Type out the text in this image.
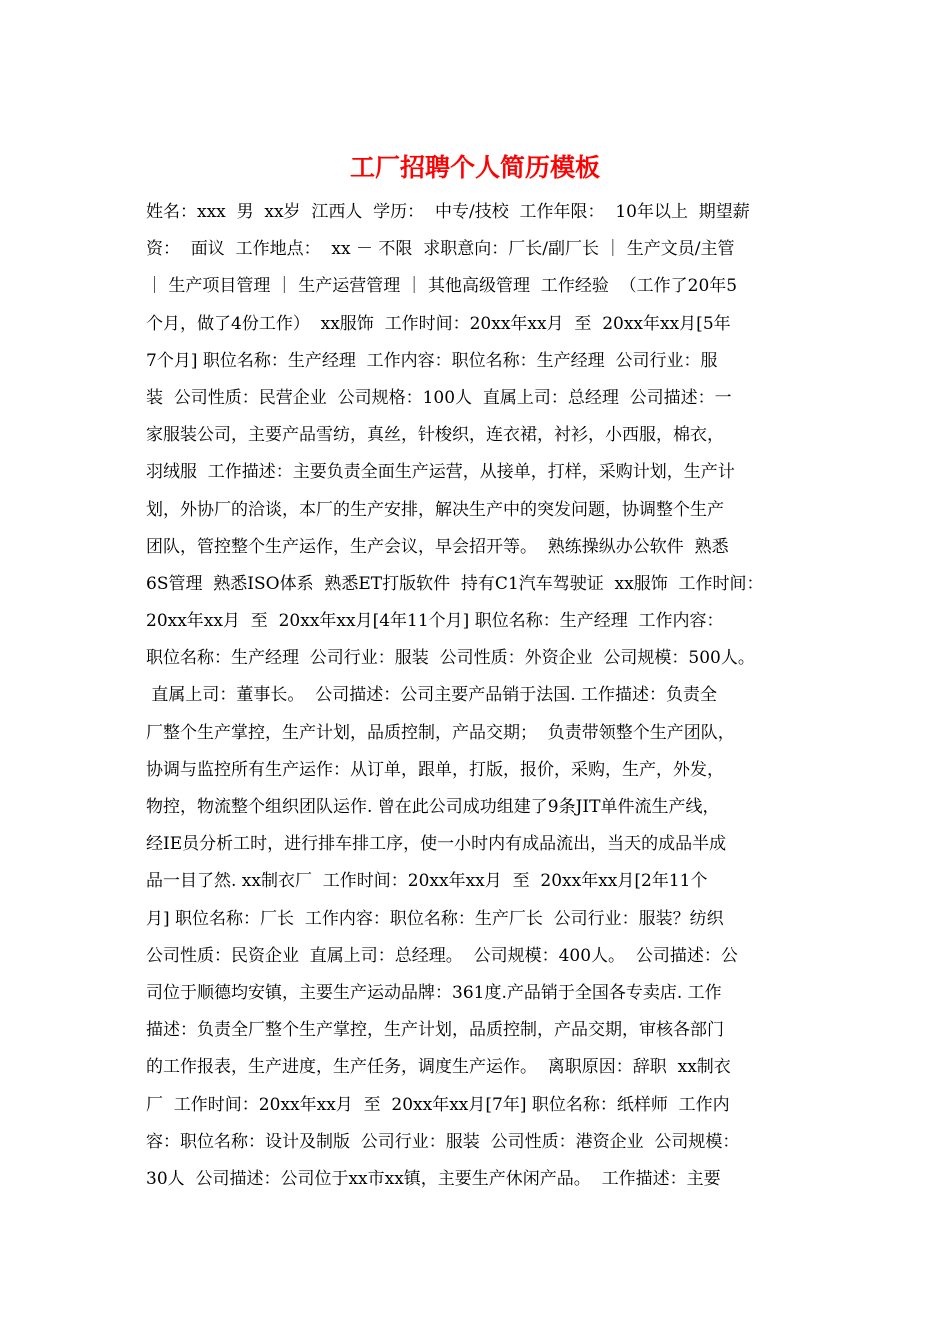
工厂招聘个人简历模板
姓名：xxx  男  xx岁  江西人  学历：  中专/技校  工作年限：  10年以上  期望薪
资：  面议  工作地点：  xx － 不限  求职意向：厂长/副厂长 ｜ 生产文员/主管
｜ 生产项目管理 ｜ 生产运营管理 ｜ 其他高级管理  工作经验  （工作了20年5
个月，做了4份工作）  xx服饰  工作时间：20xx年xx月  至  20xx年xx月[5年
7个月] 职位名称：生产经理  工作内容：职位名称：生产经理  公司行业：服
装  公司性质：民营企业  公司规格：100人  直属上司：总经理  公司描述：一
家服装公司，主要产品雪纺，真丝，针梭织，连衣裙，衬衫，小西服，棉衣，
羽绒服  工作描述：主要负责全面生产运营，从接单，打样，采购计划，生产计
划，外协厂的洽谈，本厂的生产安排，解决生产中的突发问题，协调整个生产
团队，管控整个生产运作，生产会议，早会招开等。  熟练操纵办公软件  熟悉
6S管理  熟悉ISO体系  熟悉ET打版软件  持有C1汽车驾驶证  xx服饰  工作时间：
20xx年xx月  至  20xx年xx月[4年11个月] 职位名称：生产经理  工作内容：
职位名称：生产经理  公司行业：服装  公司性质：外资企业  公司规模：500人。
直属上司：董事长。  公司描述：公司主要产品销于法国. 工作描述：负责全
厂整个生产掌控，生产计划，品质控制，产品交期；  负责带领整个生产团队，
协调与监控所有生产运作：从订单，跟单，打版，报价，采购，生产，外发，
物控，物流整个组织团队运作. 曾在此公司成功组建了9条JIT单件流生产线，
经IE员分析工时，进行排车排工序，使一小时内有成品流出，当天的成品半成
品一目了然. xx制衣厂  工作时间：20xx年xx月  至  20xx年xx月[2年11个
月] 职位名称：厂长  工作内容：职位名称：生产厂长  公司行业：服装？纺织
公司性质：民资企业  直属上司：总经理。  公司规模：400人。  公司描述：公
司位于顺德均安镇，主要生产运动品牌：361度.产品销于全国各专卖店. 工作
描述：负责全厂整个生产掌控，生产计划，品质控制，产品交期，审核各部门
的工作报表，生产进度，生产任务，调度生产运作。  离职原因：辞职  xx制衣
厂  工作时间：20xx年xx月  至  20xx年xx月[7年] 职位名称：纸样师  工作内
容：职位名称：设计及制版  公司行业：服装  公司性质：港资企业  公司规模：
30人  公司描述：公司位于xx市xx镇，主要生产休闲产品。  工作描述：主要
